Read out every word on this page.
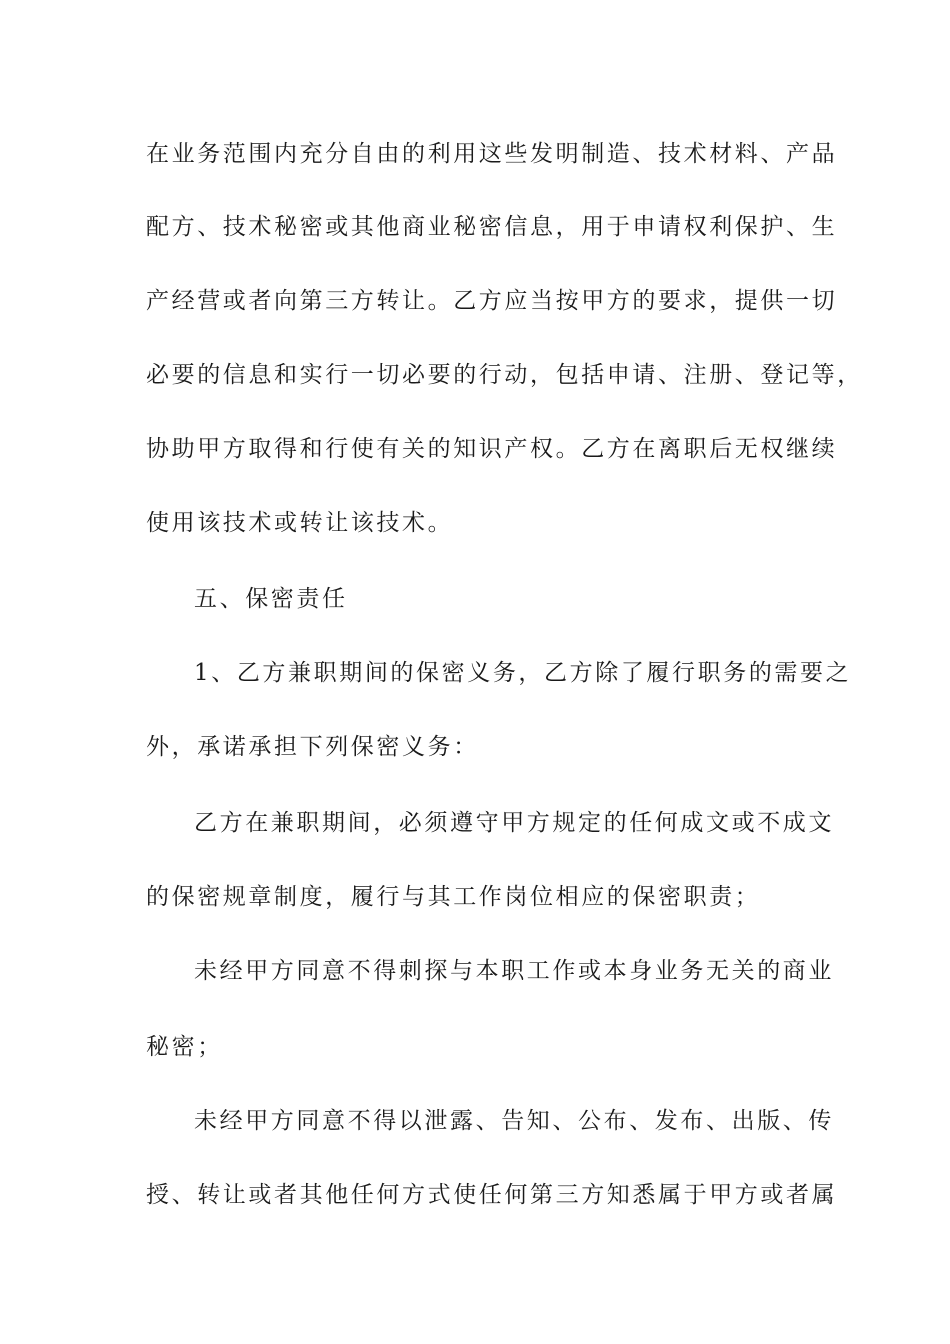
在业务范围内充分自由的利用这些发明制造、技术材料、产品
配方、技术秘密或其他商业秘密信息，用于申请权利保护、生
产经营或者向第三方转让。乙方应当按甲方的要求，提供一切
必要的信息和实行一切必要的行动，包括申请、注册、登记等，
协助甲方取得和行使有关的知识产权。乙方在离职后无权继续
使用该技术或转让该技术。
五、保密责任
1、乙方兼职期间的保密义务，乙方除了履行职务的需要之
外，承诺承担下列保密义务：
乙方在兼职期间，必须遵守甲方规定的任何成文或不成文
的保密规章制度，履行与其工作岗位相应的保密职责；
未经甲方同意不得刺探与本职工作或本身业务无关的商业
秘密；
未经甲方同意不得以泄露、告知、公布、发布、出版、传
授、转让或者其他任何方式使任何第三方知悉属于甲方或者属
